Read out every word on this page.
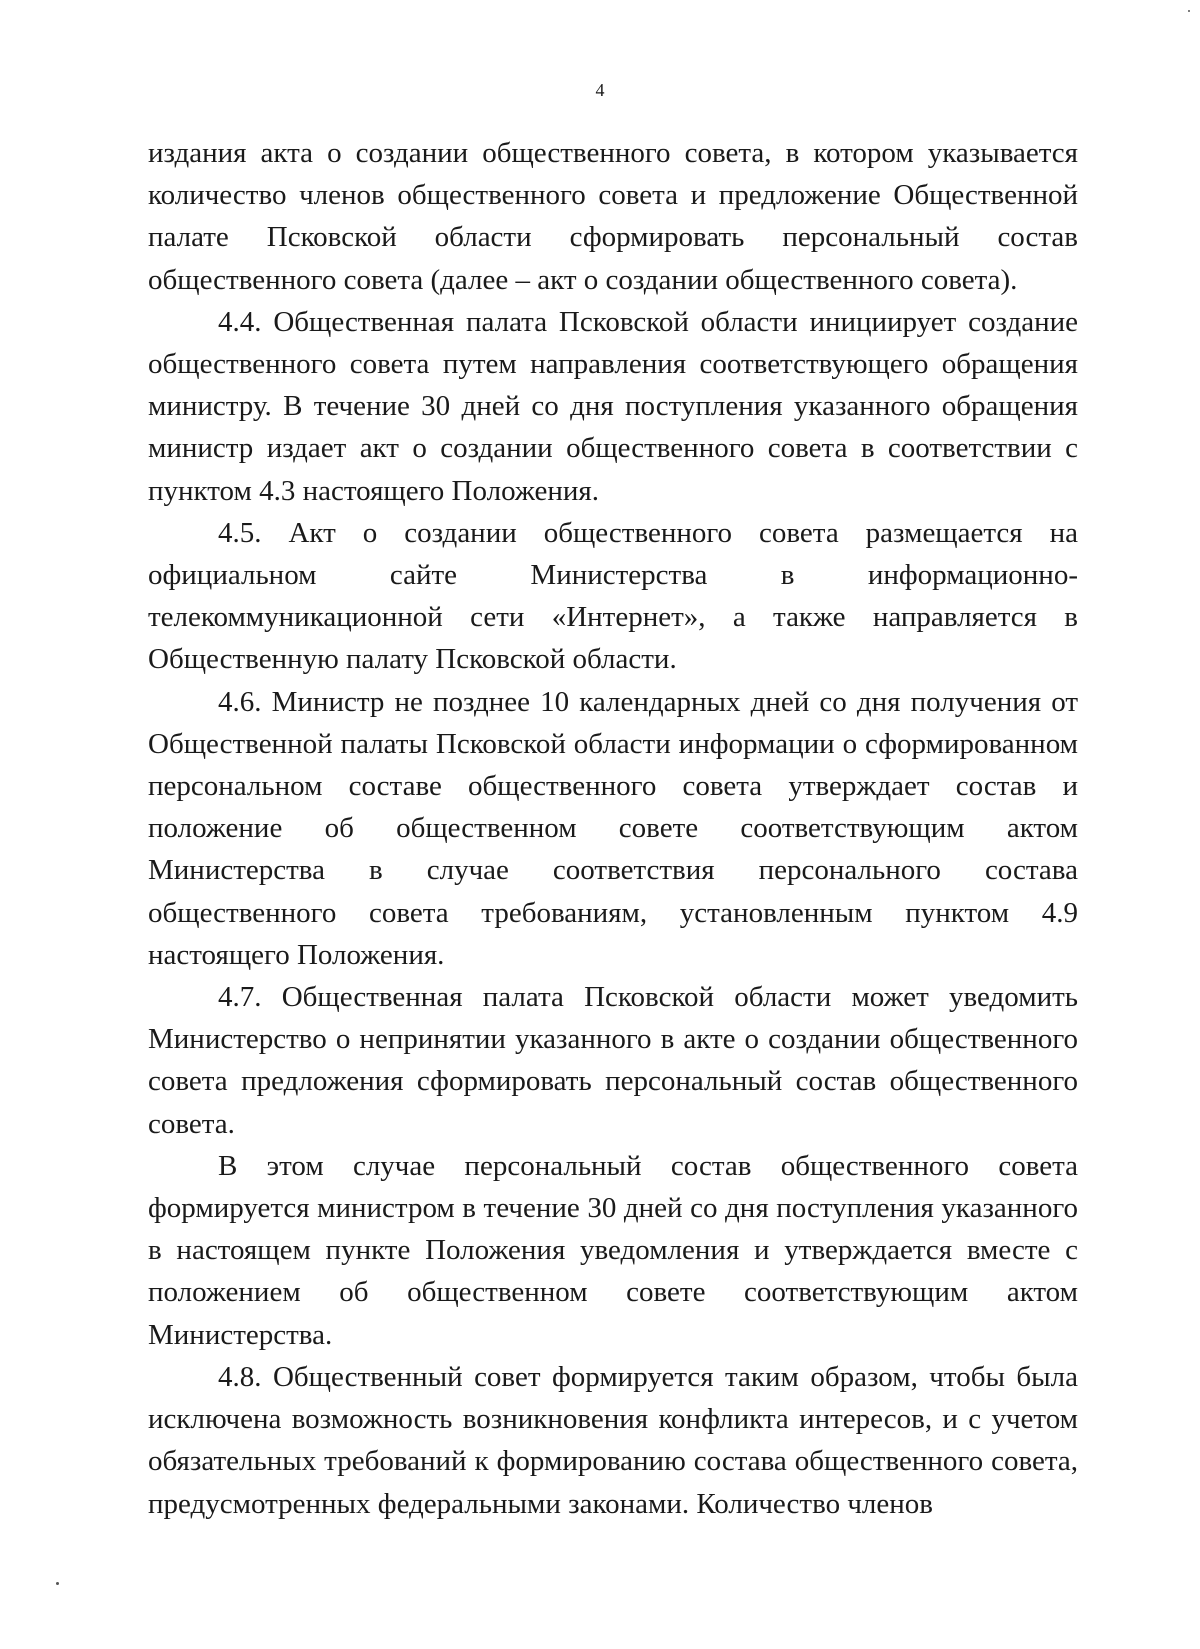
4

издания акта о создании общественного совета, в котором указывается количество членов общественного совета и предложение Общественной палате Псковской области сформировать персональный состав общественного совета (далее – акт о создании общественного совета).

4.4. Общественная палата Псковской области инициирует создание общественного совета путем направления соответствующего обращения министру. В течение 30 дней со дня поступления указанного обращения министр издает акт о создании общественного совета в соответствии с пунктом 4.3 настоящего Положения.

4.5. Акт о создании общественного совета размещается на официальном сайте Министерства в информационно-телекоммуникационной сети «Интернет», а также направляется в Общественную палату Псковской области.

4.6. Министр не позднее 10 календарных дней со дня получения от Общественной палаты Псковской области информации о сформированном персональном составе общественного совета утверждает состав и положение об общественном совете соответствующим актом Министерства в случае соответствия персонального состава общественного совета требованиям, установленным пунктом 4.9 настоящего Положения.

4.7. Общественная палата Псковской области может уведомить Министерство о непринятии указанного в акте о создании общественного совета предложения сформировать персональный состав общественного совета.

В этом случае персональный состав общественного совета формируется министром в течение 30 дней со дня поступления указанного в настоящем пункте Положения уведомления и утверждается вместе с положением об общественном совете соответствующим актом Министерства.

4.8. Общественный совет формируется таким образом, чтобы была исключена возможность возникновения конфликта интересов, и с учетом обязательных требований к формированию состава общественного совета, предусмотренных федеральными законами. Количество членов
